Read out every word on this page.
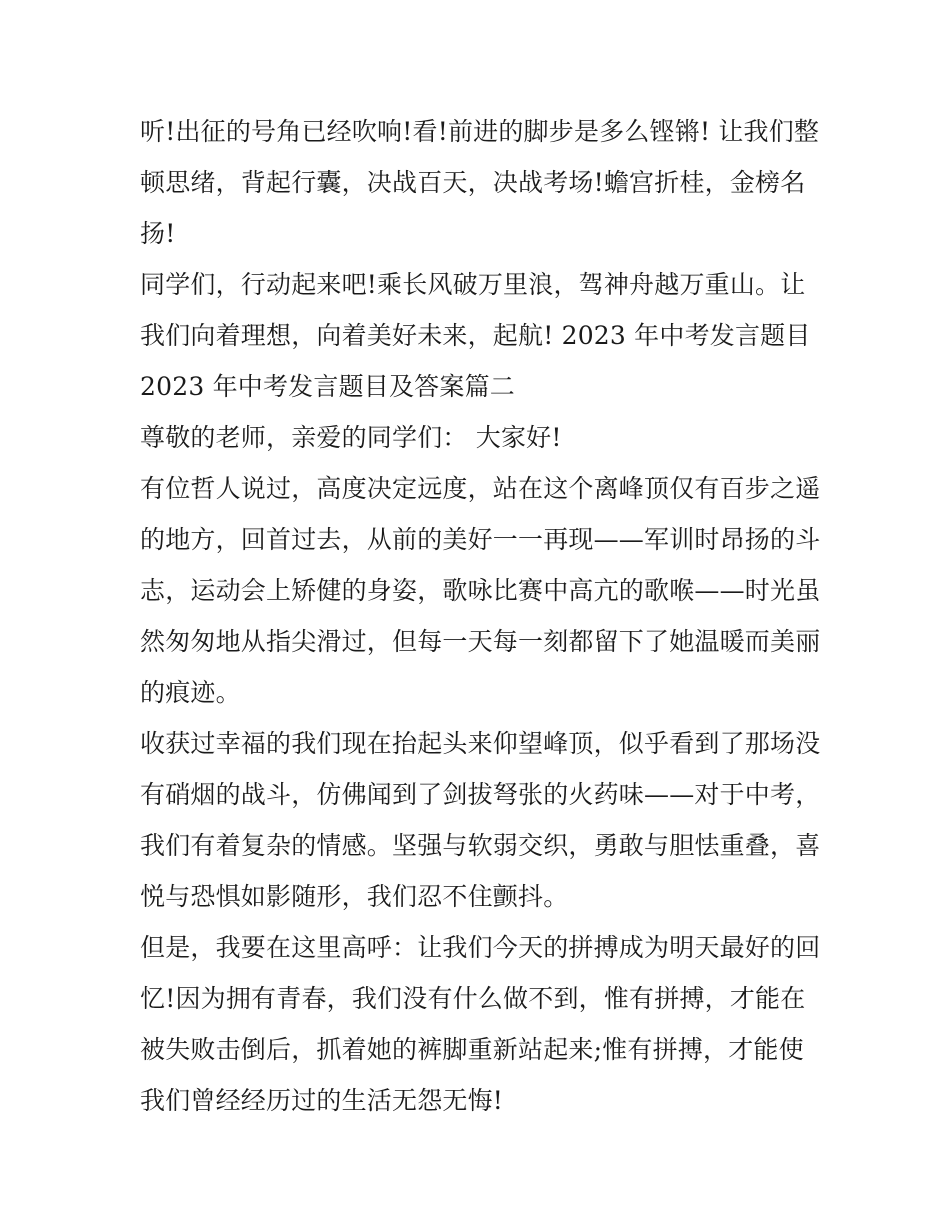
听!出征的号角已经吹响!看!前进的脚步是多么铿锵! 让我们整
顿思绪，背起行囊，决战百天，决战考场!蟾宫折桂，金榜名
扬!

同学们，行动起来吧!乘长风破万里浪，驾神舟越万重山。让
我们向着理想，向着美好未来，起航! 2023 年中考发言题目
2023 年中考发言题目及答案篇二

尊敬的老师，亲爱的同学们： 大家好!

有位哲人说过，高度决定远度，站在这个离峰顶仅有百步之遥
的地方，回首过去，从前的美好一一再现——军训时昂扬的斗
志，运动会上矫健的身姿，歌咏比赛中高亢的歌喉——时光虽
然匆匆地从指尖滑过，但每一天每一刻都留下了她温暖而美丽
的痕迹。

收获过幸福的我们现在抬起头来仰望峰顶，似乎看到了那场没
有硝烟的战斗，仿佛闻到了剑拔弩张的火药味——对于中考，
我们有着复杂的情感。坚强与软弱交织，勇敢与胆怯重叠，喜
悦与恐惧如影随形，我们忍不住颤抖。

但是，我要在这里高呼：让我们今天的拼搏成为明天最好的回
忆!因为拥有青春，我们没有什么做不到，惟有拼搏，才能在
被失败击倒后，抓着她的裤脚重新站起来;惟有拼搏，才能使
我们曾经经历过的生活无怨无悔!
